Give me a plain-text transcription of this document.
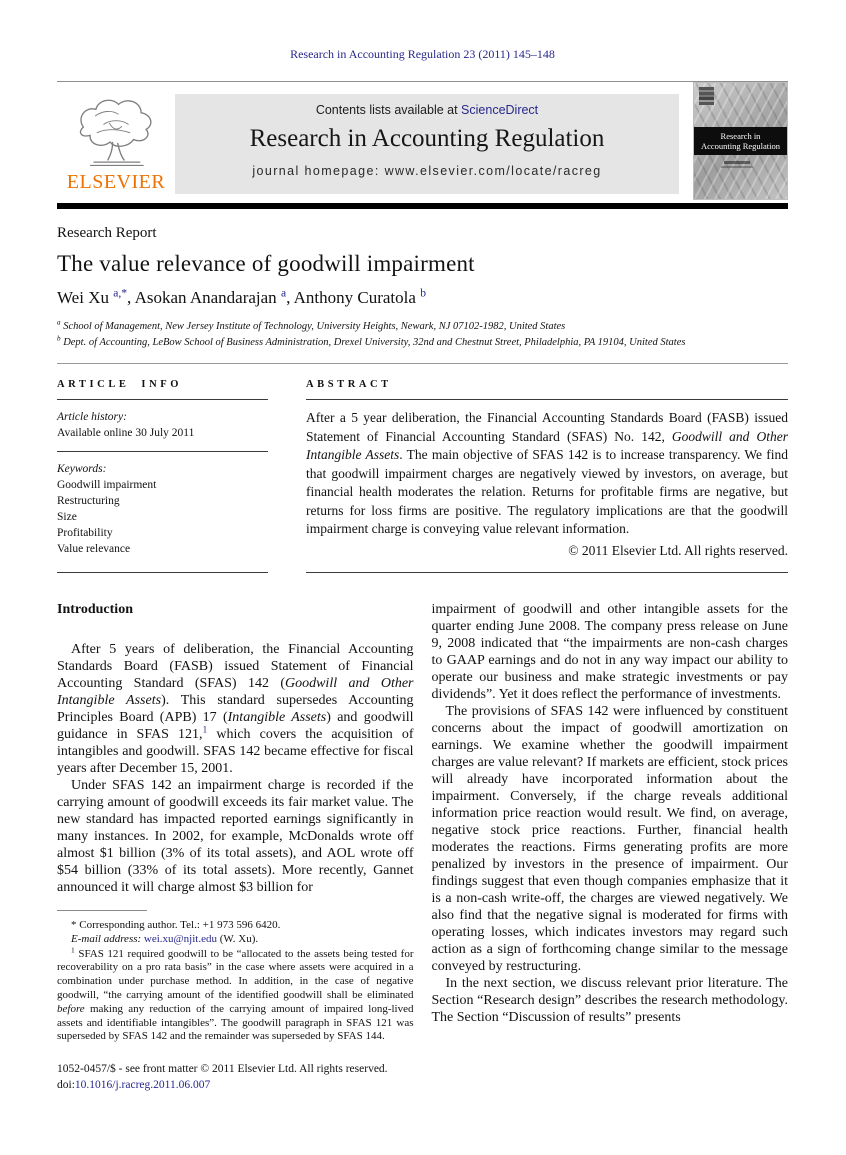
Research in Accounting Regulation 23 (2011) 145–148
ELSEVIER
Contents lists available at ScienceDirect
Research in Accounting Regulation
journal homepage: www.elsevier.com/locate/racreg
Research in
Accounting Regulation
Research Report
The value relevance of goodwill impairment
Wei Xu $^{a,*}$, Asokan Anandarajan $^a$, Anthony Curatola $^b$
$^a$ School of Management, New Jersey Institute of Technology, University Heights, Newark, NJ 07102-1982, United States
$^b$ Dept. of Accounting, LeBow School of Business Administration, Drexel University, 32nd and Chestnut Street, Philadelphia, PA 19104, United States
ARTICLE INFO
Article history:
Available online 30 July 2011
Keywords:
Goodwill impairment
Restructuring
Size
Profitability
Value relevance
ABSTRACT
After a 5 year deliberation, the Financial Accounting Standards Board (FASB) issued Statement of Financial Accounting Standard (SFAS) No. 142, Goodwill and Other Intangible Assets. The main objective of SFAS 142 is to increase transparency. We find that goodwill impairment charges are negatively viewed by investors, on average, but financial health moderates the relation. Returns for profitable firms are negative, but returns for loss firms are positive. The regulatory implications are that the goodwill impairment charge is conveying value relevant information.
© 2011 Elsevier Ltd. All rights reserved.
Introduction

After 5 years of deliberation, the Financial Accounting Standards Board (FASB) issued Statement of Financial Accounting Standard (SFAS) 142 (Goodwill and Other Intangible Assets). This standard supersedes Accounting Principles Board (APB) 17 (Intangible Assets) and goodwill guidance in SFAS 121,$^1$ which covers the acquisition of intangibles and goodwill. SFAS 142 became effective for fiscal years after December 15, 2001.

Under SFAS 142 an impairment charge is recorded if the carrying amount of goodwill exceeds its fair market value. The new standard has impacted reported earnings significantly in many instances. In 2002, for example, McDonalds wrote off almost $1 billion (3% of its total assets), and AOL wrote off $54 billion (33% of its total assets). More recently, Gannet announced it will charge almost $3 billion for

* Corresponding author. Tel.: +1 973 596 6420.
E-mail address: wei.xu@njit.edu (W. Xu).
$^1$ SFAS 121 required goodwill to be “allocated to the assets being tested for recoverability on a pro rata basis” in the case where assets were acquired in a combination under purchase method. In addition, in the case of negative goodwill, “the carrying amount of the identified goodwill shall be eliminated before making any reduction of the carrying amount of impaired long-lived assets and identifiable intangibles”. The goodwill paragraph in SFAS 121 was superseded by SFAS 142 and the remainder was superseded by SFAS 144.
1052-0457/$ - see front matter © 2011 Elsevier Ltd. All rights reserved.
doi:10.1016/j.racreg.2011.06.007

impairment of goodwill and other intangible assets for the quarter ending June 2008. The company press release on June 9, 2008 indicated that “the impairments are non-cash charges to GAAP earnings and do not in any way impact our ability to operate our business and make strategic investments or pay dividends”. Yet it does reflect the performance of investments.

The provisions of SFAS 142 were influenced by constituent concerns about the impact of goodwill amortization on earnings. We examine whether the goodwill impairment charges are value relevant? If markets are efficient, stock prices will already have incorporated information about the impairment. Conversely, if the charge reveals additional information price reaction would result. We find, on average, negative stock price reactions. Further, financial health moderates the reactions. Firms generating profits are more penalized by investors in the presence of impairment. Our findings suggest that even though companies emphasize that it is a non-cash write-off, the charges are viewed negatively. We also find that the negative signal is moderated for firms with operating losses, which indicates investors may regard such action as a sign of forthcoming change similar to the message conveyed by restructuring.

In the next section, we discuss relevant prior literature. The Section “Research design” describes the research methodology. The Section “Discussion of results” presents
